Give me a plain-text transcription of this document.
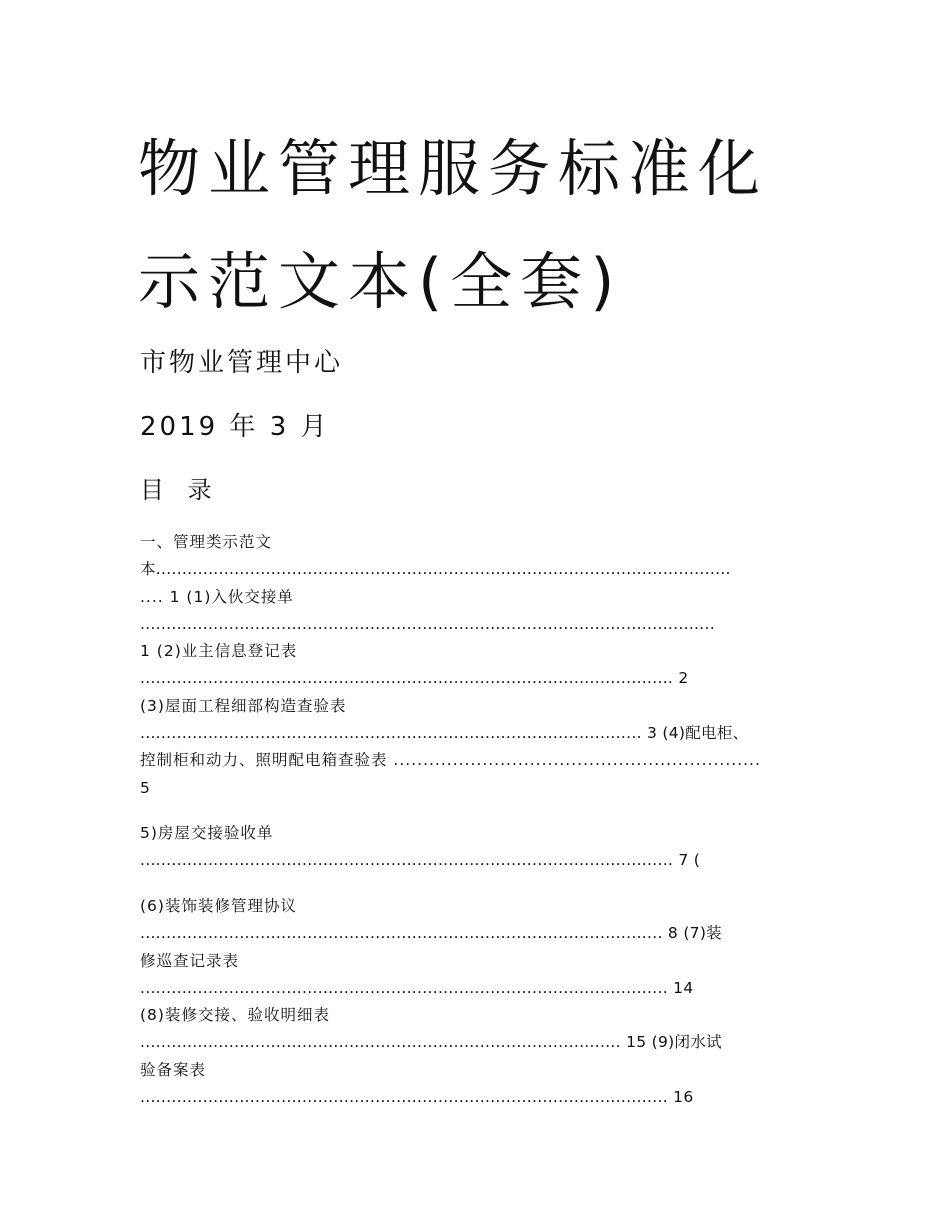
物业管理服务标准化
示范文本(全套)
市物业管理中心
2019 年 3 月
目 录
一、管理类示范文
本..............................................................................................................
.... 1 (1)入伙交接单
..............................................................................................................
1 (2)业主信息登记表
...................................................................................................... 2
(3)屋面工程细部构造查验表
................................................................................................ 3 (4)配电柜、
控制柜和动力、照明配电箱查验表 ..............................................................
5
5)房屋交接验收单
...................................................................................................... 7 (
(6)装饰装修管理协议
.................................................................................................... 8 (7)装
修巡查记录表
..................................................................................................... 14
(8)装修交接、验收明细表
............................................................................................ 15 (9)闭水试
验备案表
..................................................................................................... 16
